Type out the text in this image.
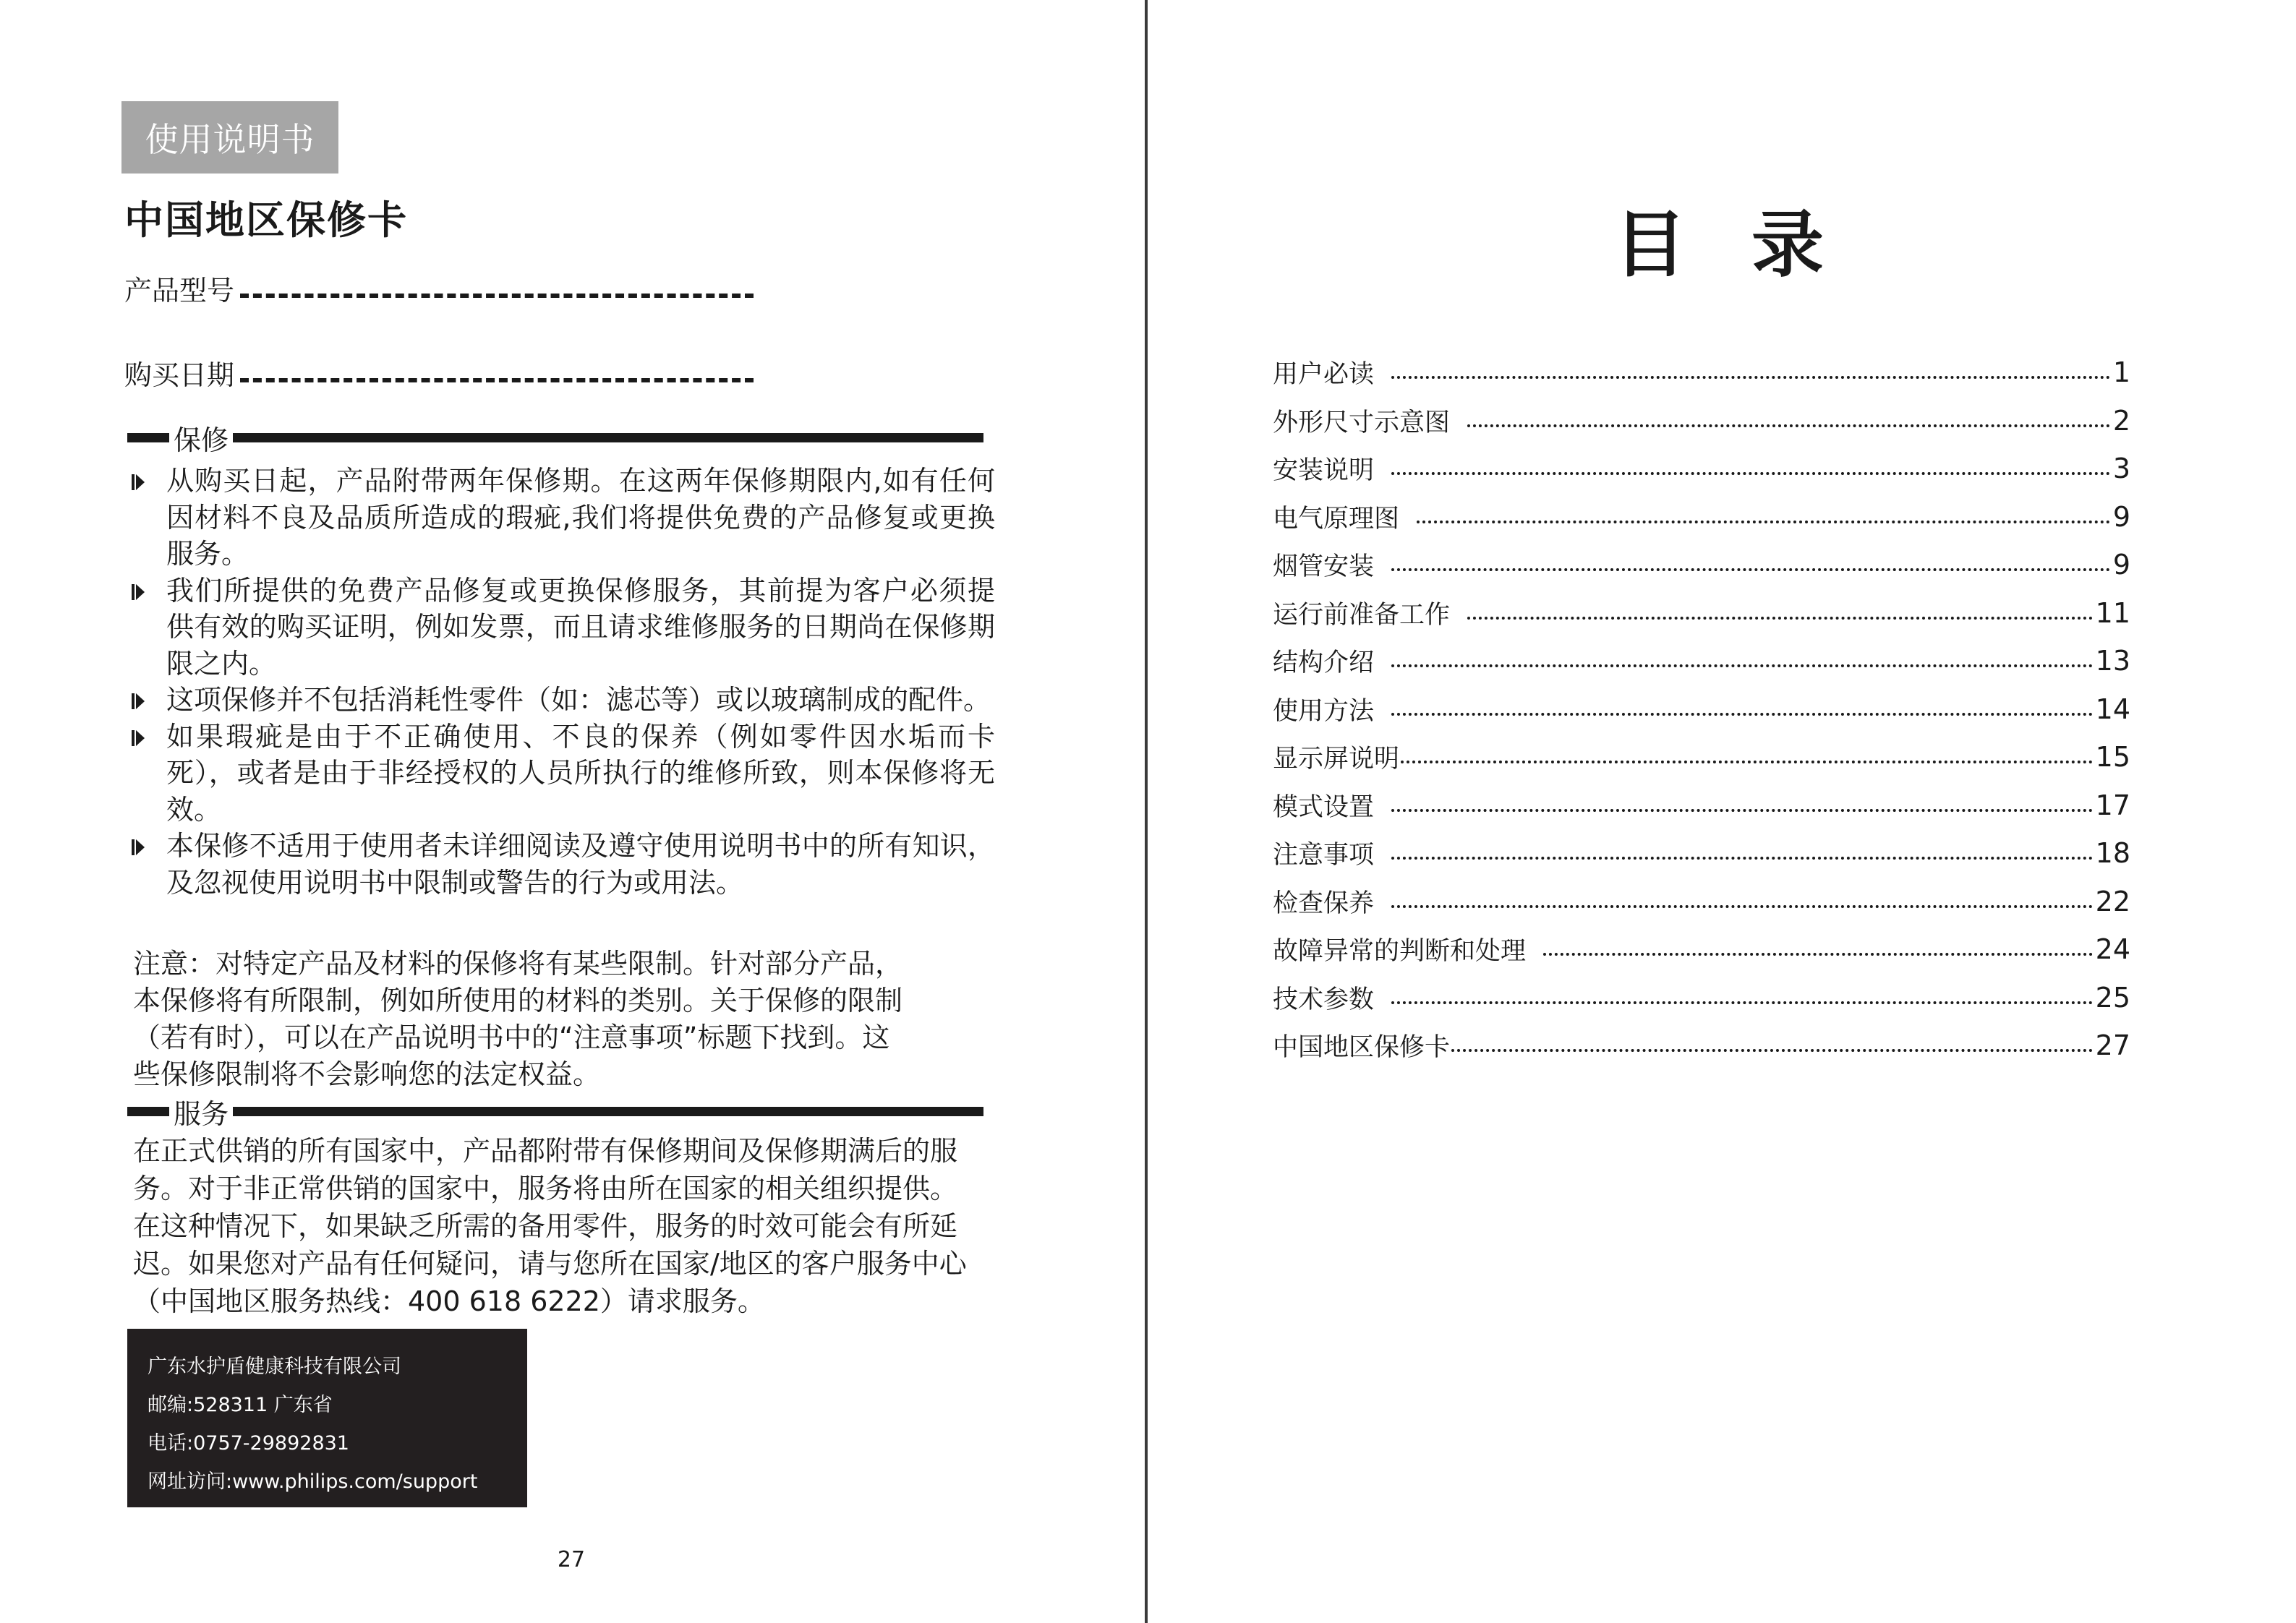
使用说明书
中国地区保修卡
产品型号
购买日期
保修
从购买日起，产品附带两年保修期。在这两年保修期限内,如有任何因材料不良及品质所造成的瑕疵,我们将提供免费的产品修复或更换服务。
我们所提供的免费产品修复或更换保修服务，其前提为客户必须提 供有效的购买证明，例如发票，而且请求维修服务的日期尚在保修期限之内。
这项保修并不包括消耗性零件（如：滤芯等）或以玻璃制成的配件。
如果瑕疵是由于不正确使用、不良的保养（例如零件因水垢而卡死），或者是由于非经授权的人员所执行的维修所致，则本保修将无效。
本保修不适用于使用者未详细阅读及遵守使用说明书中的所有知识，及忽视使用说明书中限制或警告的行为或用法。
注意：对特定产品及材料的保修将有某些限制。针对部分产品，
本保修将有所限制，例如所使用的材料的类别。关于保修的限制
（若有时），可以在产品说明书中的“注意事项”标题下找到。这
些保修限制将不会影响您的法定权益。
服务
在正式供销的所有国家中，产品都附带有保修期间及保修期满后的服
务。对于非正常供销的国家中，服务将由所在国家的相关组织提供。
在这种情况下，如果缺乏所需的备用零件，服务的时效可能会有所延
迟。如果您对产品有任何疑问，请与您所在国家/地区的客户服务中心
（中国地区服务热线：400 618 6222）请求服务。
广东水护盾健康科技有限公司
邮编:528311 广东省
电话:0757-29892831
网址访问:www.philips.com/support
27
目录
用户必读	1
外形尺寸示意图	2
安装说明	3
电气原理图	9
烟管安装	9
运行前准备工作	11
结构介绍	13
使用方法	14
显示屏说明	15
模式设置	17
注意事项	18
检查保养	22
故障异常的判断和处理	24
技术参数	25
中国地区保修卡	27
